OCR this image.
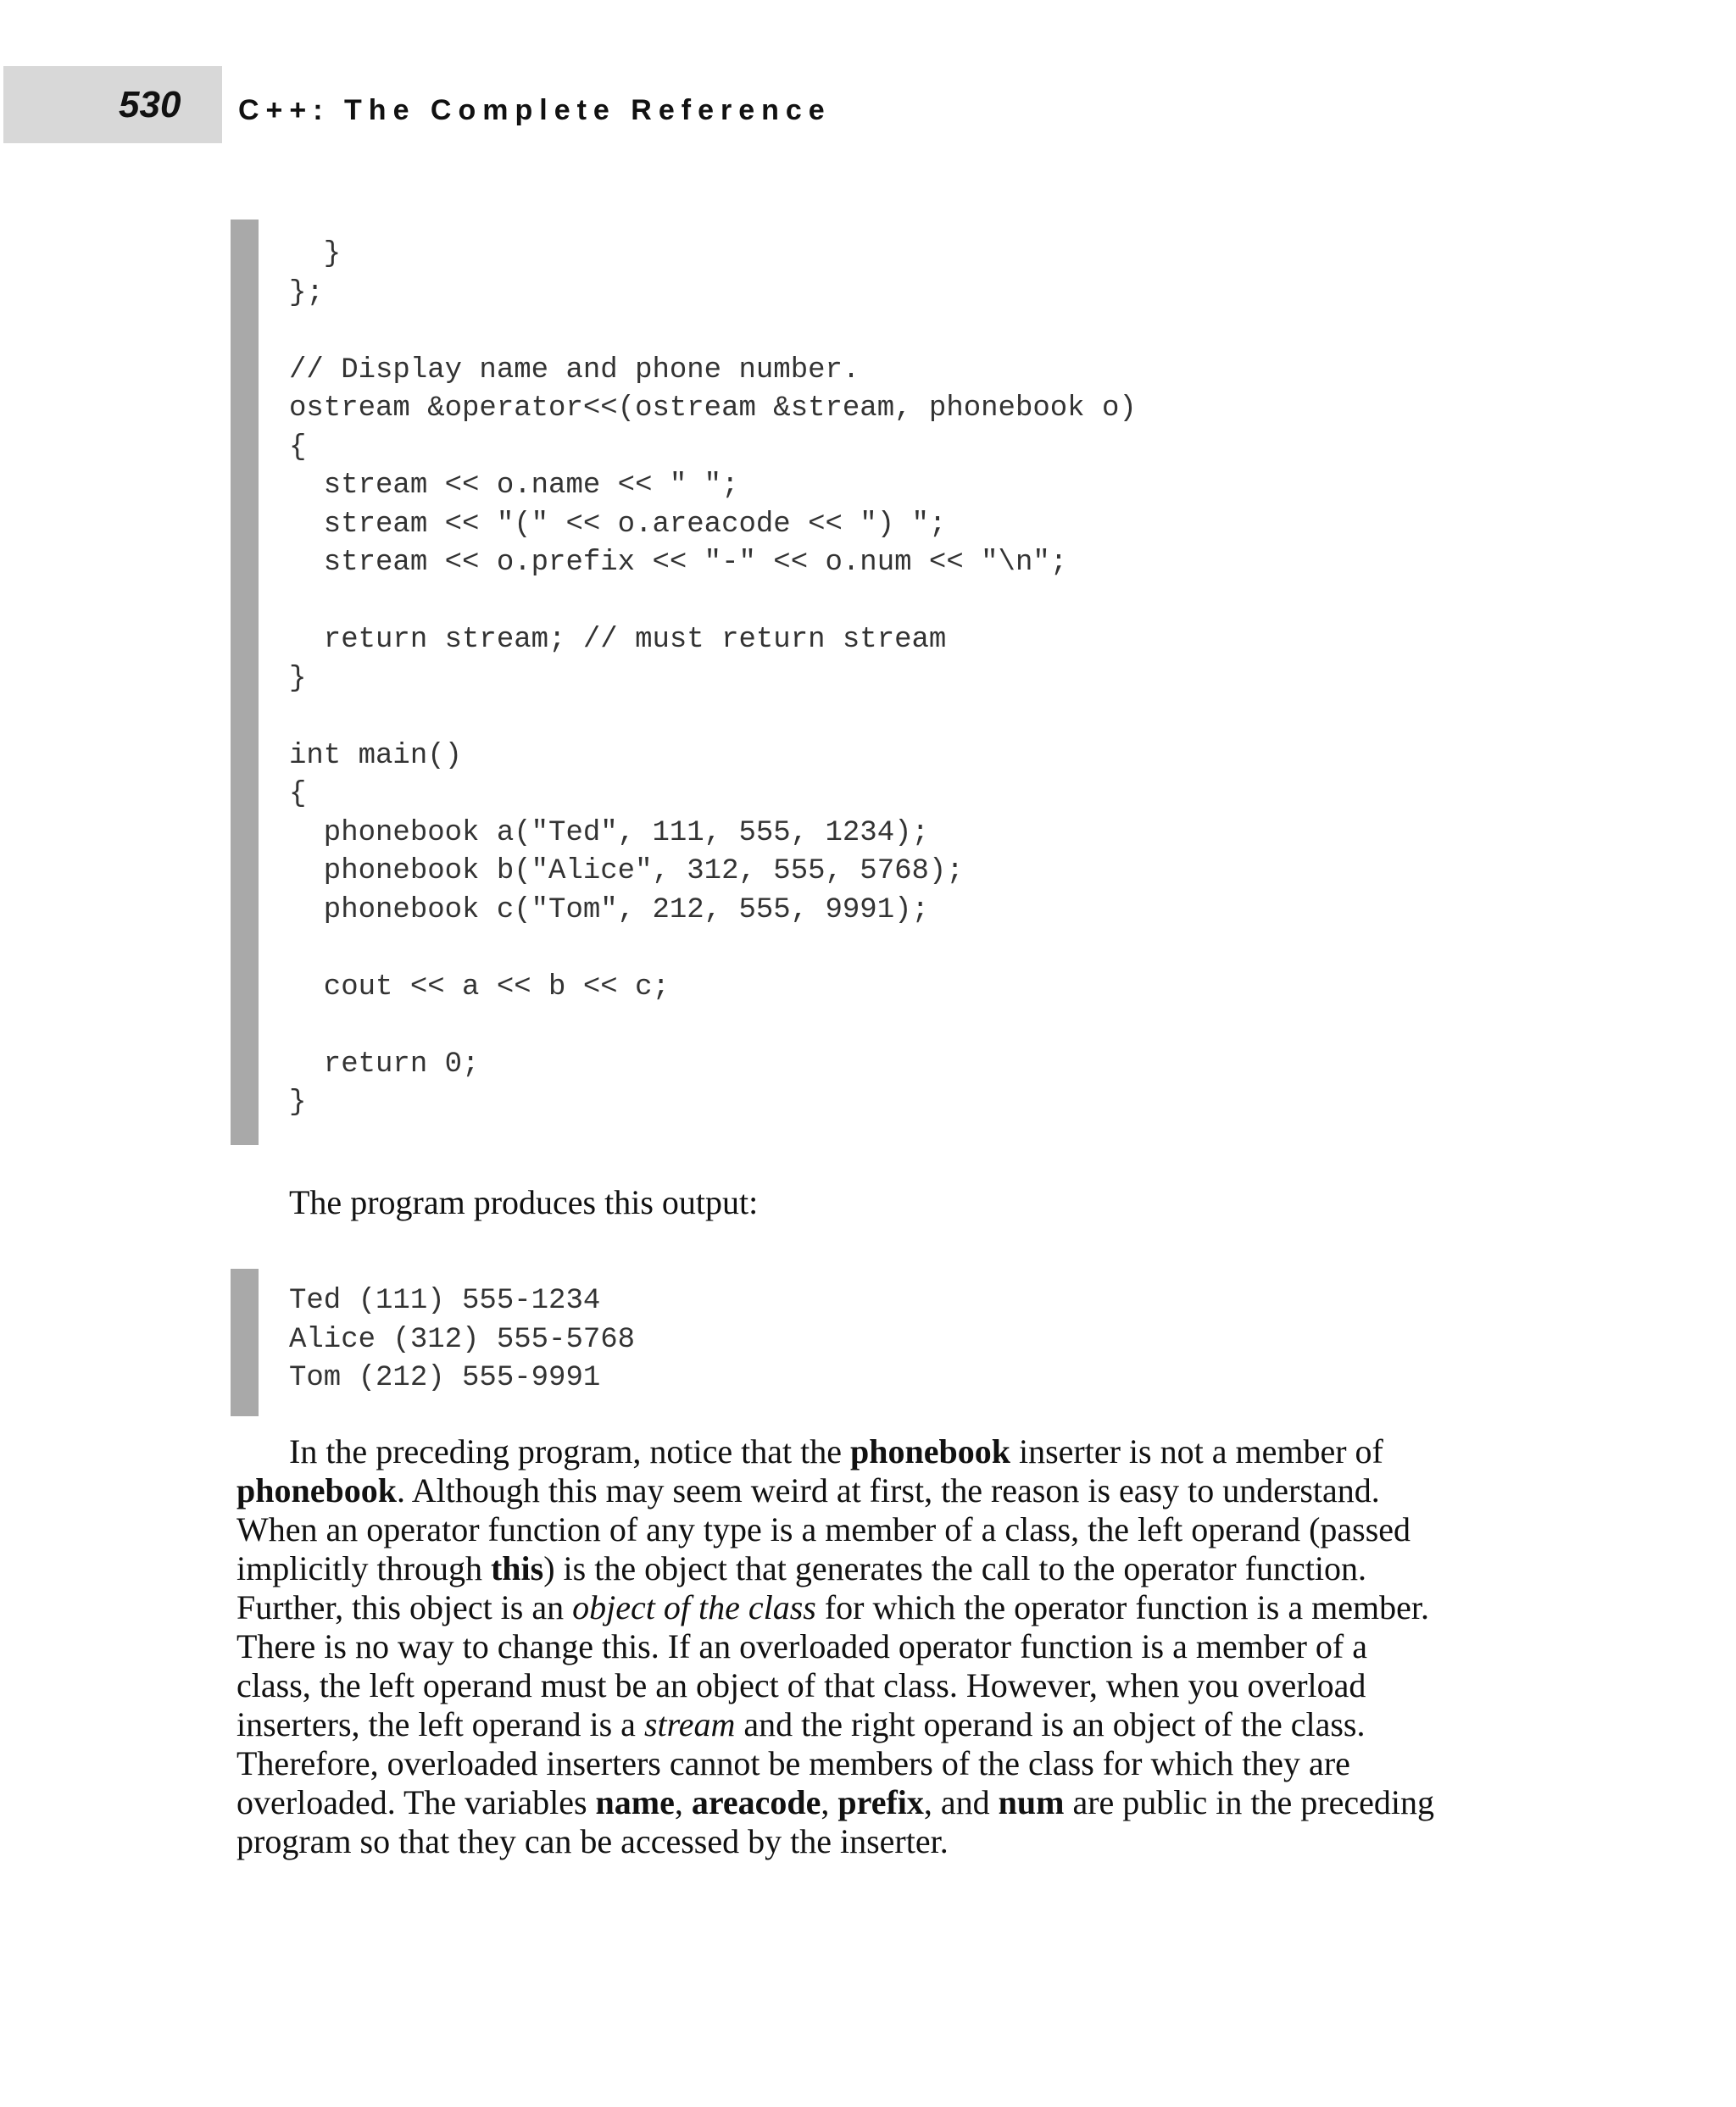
530 C++: The Complete Reference
}
};

// Display name and phone number.
ostream &operator<<(ostream &stream, phonebook o)
{
stream << o.name << " ";
stream << "(" << o.areacode << ") ";
stream << o.prefix << "-" << o.num << "\n";

return stream; // must return stream
}

int main()
{
phonebook a("Ted", 111, 555, 1234);
phonebook b("Alice", 312, 555, 5768);
phonebook c("Tom", 212, 555, 9991);

cout << a << b << c;

return 0;
}
The program produces this output:
Ted (111) 555-1234
Alice (312) 555-5768
Tom (212) 555-9991

In the preceding program, notice that the phonebook inserter is not a member of
phonebook. Although this may seem weird at first, the reason is easy to understand.
When an operator function of any type is a member of a class, the left operand (passed
implicitly through this) is the object that generates the call to the operator function.
Further, this object is an object of the class for which the operator function is a member.
There is no way to change this. If an overloaded operator function is a member of a
class, the left operand must be an object of that class. However, when you overload
inserters, the left operand is a stream and the right operand is an object of the class.
Therefore, overloaded inserters cannot be members of the class for which they are
overloaded. The variables name, areacode, prefix, and num are public in the preceding
program so that they can be accessed by the inserter.
